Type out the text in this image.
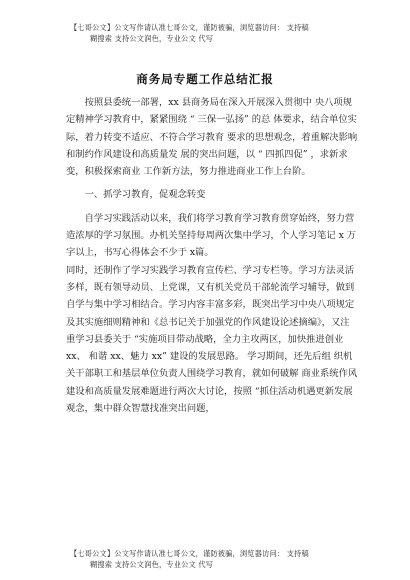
【七哥公文】公文写作请认准七哥公文，谨防被骗，浏览器访问： 支持稿
糊搜索 支持公文润色，专业公文 代写
商务局专题工作总结汇报

按照县委统一部署，xx 县商务局在深入开展深入贯彻中 央八项规定精神学习教育中，紧紧围绕 “ 三保一弘扬” 的总 体要求，结合单位实际，着力转变不适应、不符合学习教育 要求的思想观念，着重解决影响和制约作风建设和高质量发 展的突出问题，以 “ 四抓四促” ，求新求变，积极探索商业 工作新方法，努力推进商业工作上台阶。

一、抓学习教育，促观念转变

自学习实践活动以来，我们将学习教育学习教育贯穿始终，努力营造浓厚的学习氛围。办机关坚持每周两次集中学习，个人学习笔记 x 万字以上，书写心得体会不少于 x篇。

同时，还制作了学习实践学习教育宣传栏、学习专栏等。学习方法灵活多样，既有领导动员、上党课，又有机关党员干部轮流学习辅导，做到自学与集中学习相结合。学习内容丰富多彩，既突出学习中央八项规定及其实施细则精神和《总书记关于加强党的作风建设论述摘编》，又注重学习县委关于 “实施项目带动战略，全力主攻两区，加快推进创业xx、 和谐 xx、魅力 xx” 建设的发展思路。 学习期间，还先后组 织机关干部职工和基层单位负责人围绕学习教育，就如何破解 商业系统作风建设和高质量发展难题进行两次大讨论，按照 “抓住活动机遇更新发展观念，集中群众智慧找准突出问题，

【七哥公文】公文写作请认准七哥公文，谨防被骗，浏览器访问： 支持稿
糊搜索 支持公文润色，专业公文 代写
